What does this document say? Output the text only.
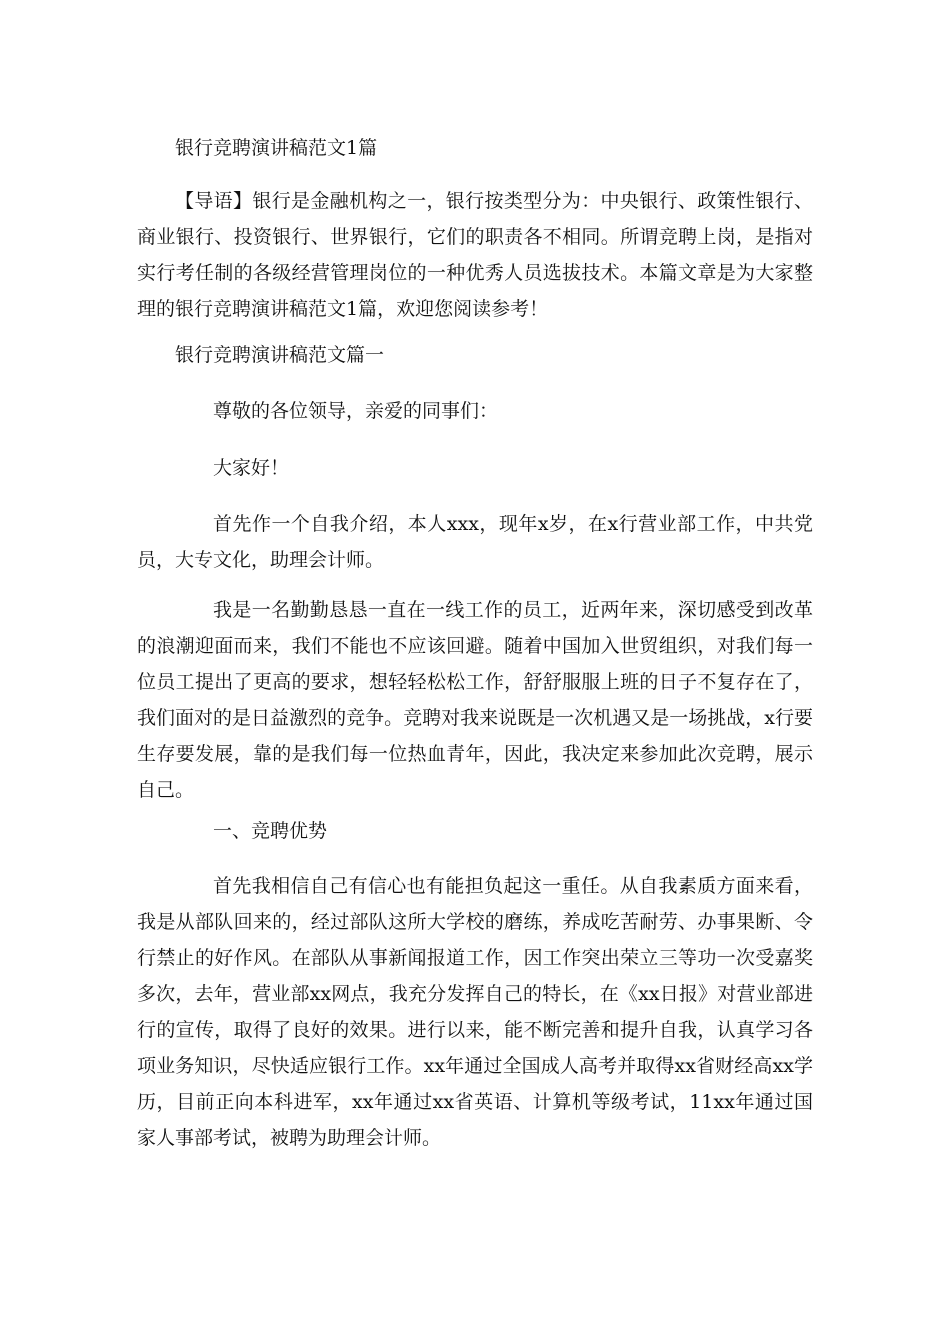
银行竞聘演讲稿范文1篇

【导语】银行是金融机构之一，银行按类型分为：中央银行、政策性银行、商业银行、投资银行、世界银行，它们的职责各不相同。所谓竞聘上岗，是指对实行考任制的各级经营管理岗位的一种优秀人员选拔技术。本篇文章是为大家整理的银行竞聘演讲稿范文1篇，欢迎您阅读参考！

银行竞聘演讲稿范文篇一

尊敬的各位领导，亲爱的同事们：

大家好！

首先作一个自我介绍，本人xxx，现年x岁，在x行营业部工作，中共党员，大专文化，助理会计师。

我是一名勤勤恳恳一直在一线工作的员工，近两年来，深切感受到改革的浪潮迎面而来，我们不能也不应该回避。随着中国加入世贸组织，对我们每一位员工提出了更高的要求，想轻轻松松工作，舒舒服服上班的日子不复存在了，我们面对的是日益激烈的竞争。竞聘对我来说既是一次机遇又是一场挑战，x行要生存要发展，靠的是我们每一位热血青年，因此，我决定来参加此次竞聘，展示自己。

一、竞聘优势

首先我相信自己有信心也有能担负起这一重任。从自我素质方面来看，我是从部队回来的，经过部队这所大学校的磨练，养成吃苦耐劳、办事果断、令行禁止的好作风。在部队从事新闻报道工作，因工作突出荣立三等功一次受嘉奖多次，去年，营业部xx网点，我充分发挥自己的特长，在《xx日报》对营业部进行的宣传，取得了良好的效果。进行以来，能不断完善和提升自我，认真学习各项业务知识，尽快适应银行工作。xx年通过全国成人高考并取得xx省财经高xx学历，目前正向本科进军，xx年通过xx省英语、计算机等级考试，11xx年通过国家人事部考试，被聘为助理会计师。
